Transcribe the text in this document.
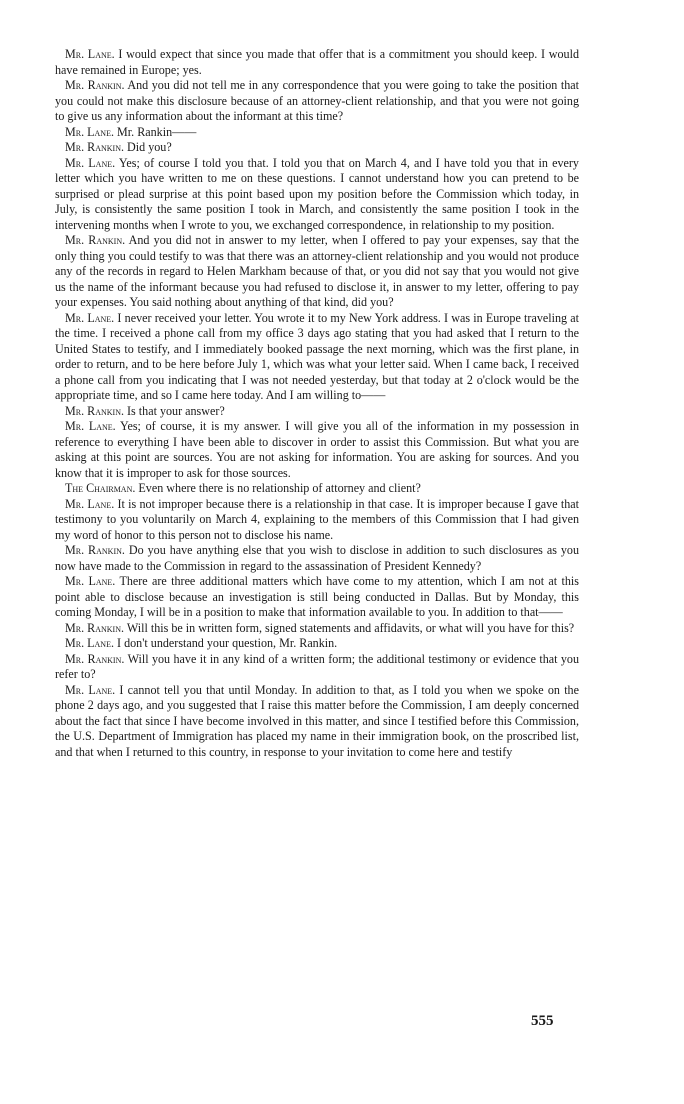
Mr. Lane. I would expect that since you made that offer that is a commitment you should keep. I would have remained in Europe; yes.

Mr. Rankin. And you did not tell me in any correspondence that you were going to take the position that you could not make this disclosure because of an attorney-client relationship, and that you were not going to give us any information about the informant at this time?

Mr. Lane. Mr. Rankin——

Mr. Rankin. Did you?

Mr. Lane. Yes; of course I told you that. I told you that on March 4, and I have told you that in every letter which you have written to me on these questions. I cannot understand how you can pretend to be surprised or plead surprise at this point based upon my position before the Commission which today, in July, is consistently the same position I took in March, and consistently the same position I took in the intervening months when I wrote to you, we exchanged correspondence, in relationship to my position.

Mr. Rankin. And you did not in answer to my letter, when I offered to pay your expenses, say that the only thing you could testify to was that there was an attorney-client relationship and you would not produce any of the records in regard to Helen Markham because of that, or you did not say that you would not give us the name of the informant because you had refused to disclose it, in answer to my letter, offering to pay your expenses. You said nothing about anything of that kind, did you?

Mr. Lane. I never received your letter. You wrote it to my New York address. I was in Europe traveling at the time. I received a phone call from my office 3 days ago stating that you had asked that I return to the United States to testify, and I immediately booked passage the next morning, which was the first plane, in order to return, and to be here before July 1, which was what your letter said. When I came back, I received a phone call from you indicating that I was not needed yesterday, but that today at 2 o'clock would be the appropriate time, and so I came here today. And I am willing to——

Mr. Rankin. Is that your answer?

Mr. Lane. Yes; of course, it is my answer. I will give you all of the information in my possession in reference to everything I have been able to discover in order to assist this Commission. But what you are asking at this point are sources. You are not asking for information. You are asking for sources. And you know that it is improper to ask for those sources.

The Chairman. Even where there is no relationship of attorney and client?

Mr. Lane. It is not improper because there is a relationship in that case. It is improper because I gave that testimony to you voluntarily on March 4, explaining to the members of this Commission that I had given my word of honor to this person not to disclose his name.

Mr. Rankin. Do you have anything else that you wish to disclose in addition to such disclosures as you now have made to the Commission in regard to the assassination of President Kennedy?

Mr. Lane. There are three additional matters which have come to my attention, which I am not at this point able to disclose because an investigation is still being conducted in Dallas. But by Monday, this coming Monday, I will be in a position to make that information available to you. In addition to that——

Mr. Rankin. Will this be in written form, signed statements and affidavits, or what will you have for this?

Mr. Lane. I don't understand your question, Mr. Rankin.

Mr. Rankin. Will you have it in any kind of a written form; the additional testimony or evidence that you refer to?

Mr. Lane. I cannot tell you that until Monday. In addition to that, as I told you when we spoke on the phone 2 days ago, and you suggested that I raise this matter before the Commission, I am deeply concerned about the fact that since I have become involved in this matter, and since I testified before this Commission, the U.S. Department of Immigration has placed my name in their immigration book, on the proscribed list, and that when I returned to this country, in response to your invitation to come here and testify

555
